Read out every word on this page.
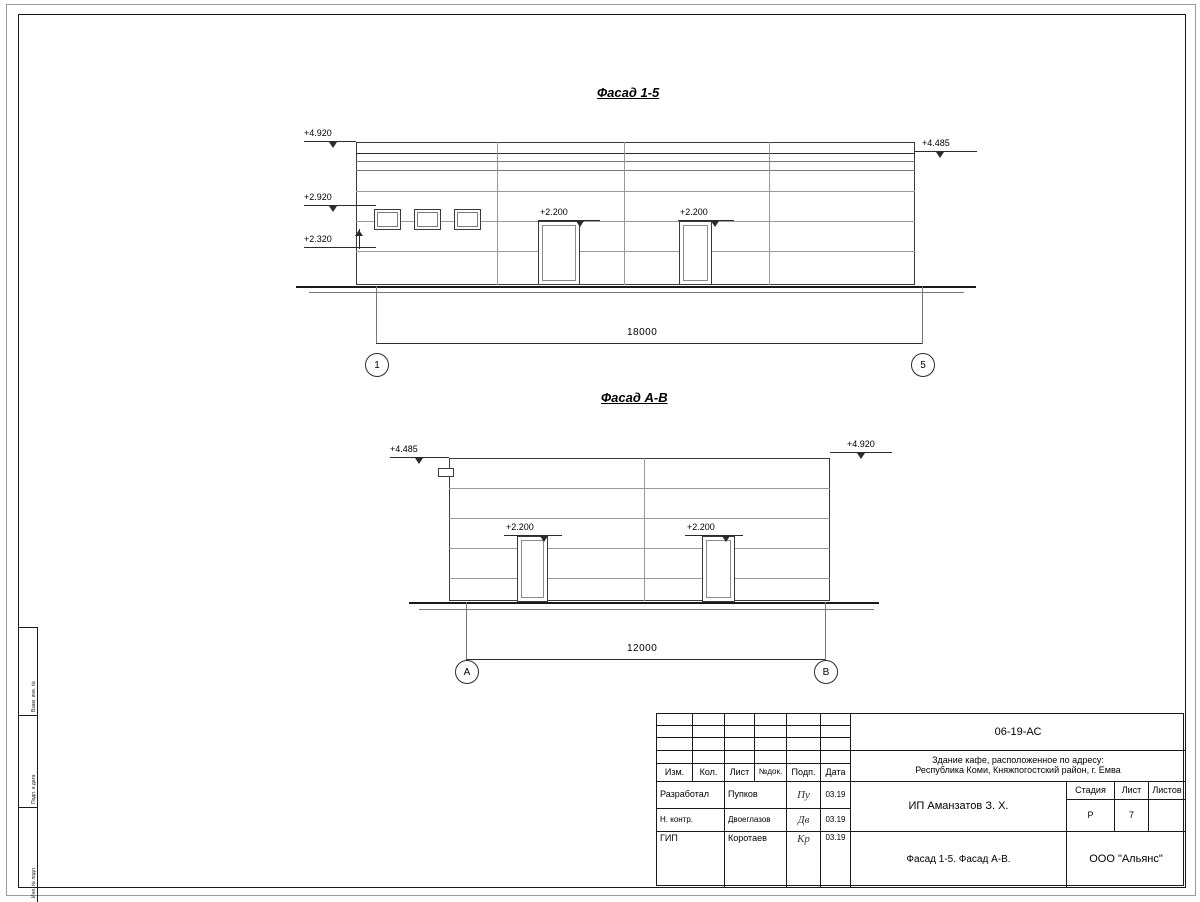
Взам. инв. №
Подп. и дата
Инв. № подл.
Фасад 1-5
+4.920
+4.485
+2.920
+2.320
+2.200	+2.200
18000
1	5
Фасад А-В
+4.485	+4.920
+2.200	+2.200
12000
А	В
Изм.	Кол.	Лист	№док.	Подп.	Дата
Разработал	Пупков	Пу	03.19
Н. контр.	Двоеглазов	Дв	03.19
ГИП	Коротаев	Кр	03.19
06-19-АС
Здание кафе, расположенное по адресу:
Республика Коми, Княжпогостский район, г. Емва
ИП Аманзатов З. Х.
Стадия	Лист	Листов
Р	7
Фасад 1-5. Фасад А-В.	ООО "Альянс"
